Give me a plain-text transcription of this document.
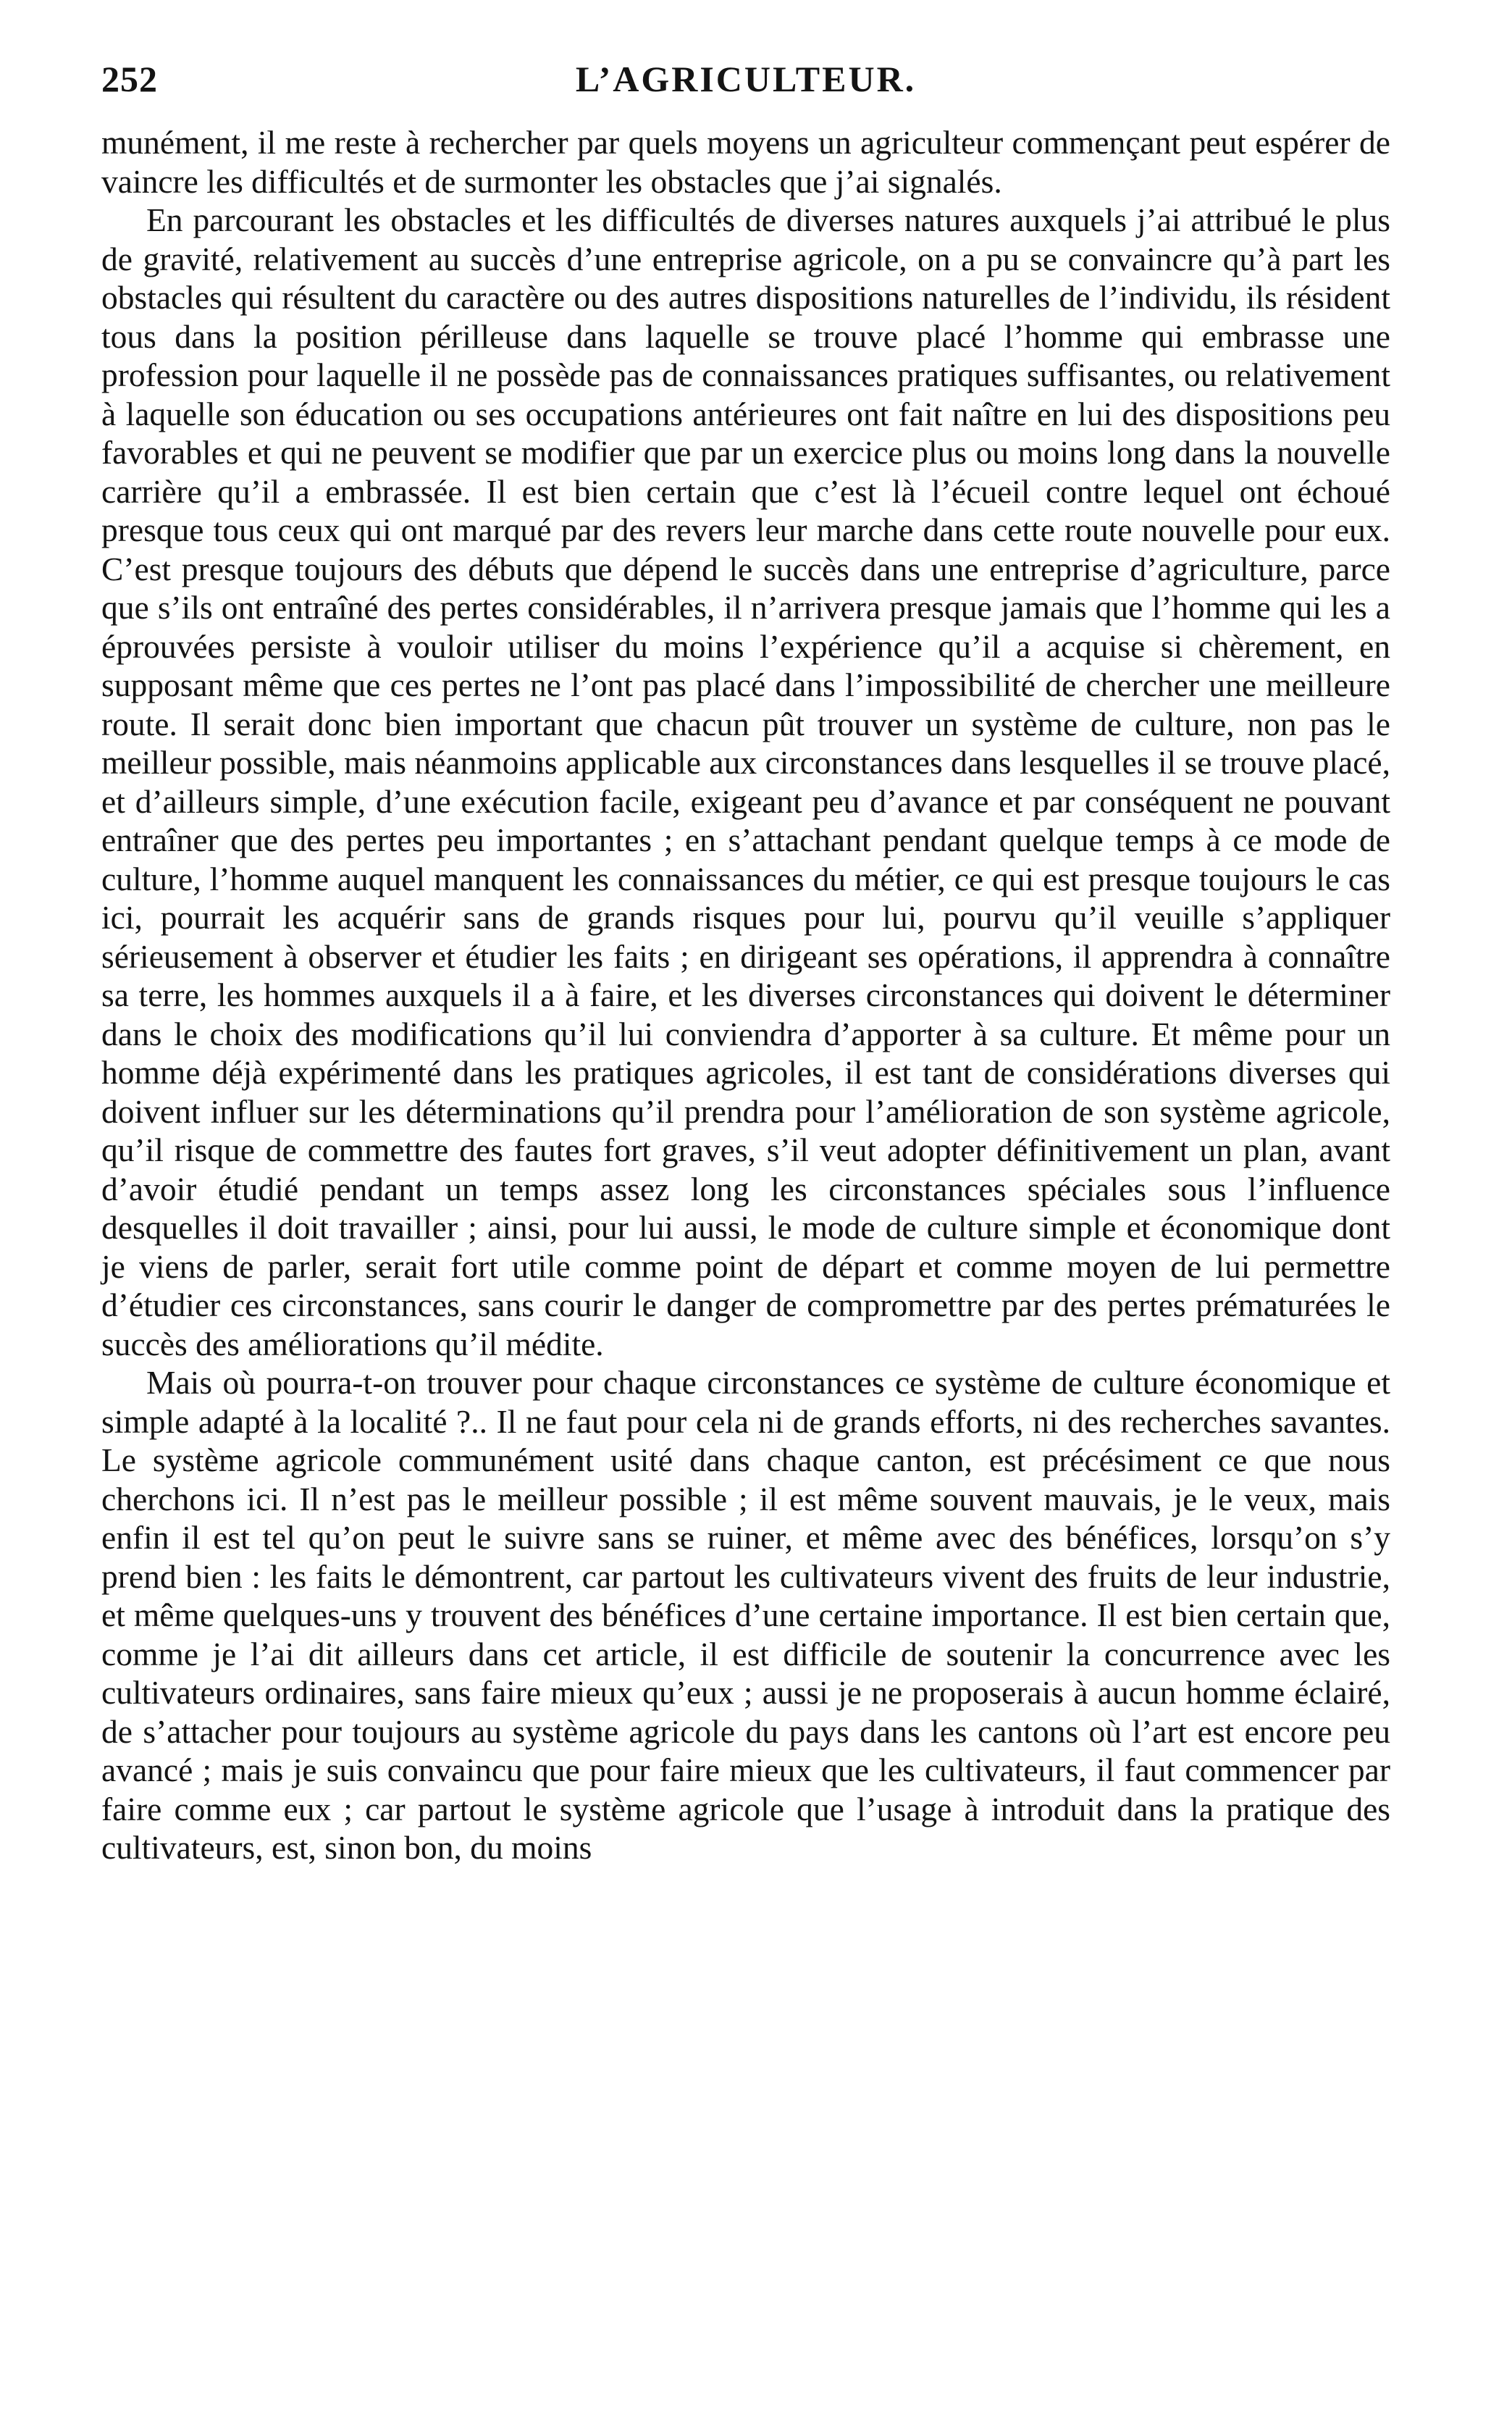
252	L’AGRICULTEUR.

munément, il me reste à rechercher par quels moyens un agriculteur commençant peut espérer de vaincre les difficultés et de surmonter les obstacles que j’ai signalés.

En parcourant les obstacles et les difficultés de diverses natures auxquels j’ai attribué le plus de gravité, relativement au succès d’une entreprise agricole, on a pu se convaincre qu’à part les obstacles qui résultent du caractère ou des autres dispositions naturelles de l’individu, ils résident tous dans la position périlleuse dans laquelle se trouve placé l’homme qui embrasse une profession pour laquelle il ne possède pas de connaissances pratiques suffisantes, ou relativement à laquelle son éducation ou ses occupations antérieures ont fait naître en lui des dispositions peu favorables et qui ne peuvent se modifier que par un exercice plus ou moins long dans la nouvelle carrière qu’il a embrassée. Il est bien certain que c’est là l’écueil contre lequel ont échoué presque tous ceux qui ont marqué par des revers leur marche dans cette route nouvelle pour eux. C’est presque toujours des débuts que dépend le succès dans une entreprise d’agriculture, parce que s’ils ont entraîné des pertes considérables, il n’arrivera presque jamais que l’homme qui les a éprouvées persiste à vouloir utiliser du moins l’expérience qu’il a acquise si chèrement, en supposant même que ces pertes ne l’ont pas placé dans l’impossibilité de chercher une meilleure route. Il serait donc bien important que chacun pût trouver un système de culture, non pas le meilleur possible, mais néanmoins applicable aux circonstances dans lesquelles il se trouve placé, et d’ailleurs simple, d’une exécution facile, exigeant peu d’avance et par conséquent ne pouvant entraîner que des pertes peu importantes ; en s’attachant pendant quelque temps à ce mode de culture, l’homme auquel manquent les connaissances du métier, ce qui est presque toujours le cas ici, pourrait les acquérir sans de grands risques pour lui, pourvu qu’il veuille s’appliquer sérieusement à observer et étudier les faits ; en dirigeant ses opérations, il apprendra à connaître sa terre, les hommes auxquels il a à faire, et les diverses circonstances qui doivent le déterminer dans le choix des modifications qu’il lui conviendra d’apporter à sa culture. Et même pour un homme déjà expérimenté dans les pratiques agricoles, il est tant de considérations diverses qui doivent influer sur les déterminations qu’il prendra pour l’amélioration de son système agricole, qu’il risque de commettre des fautes fort graves, s’il veut adopter définitivement un plan, avant d’avoir étudié pendant un temps assez long les circonstances spéciales sous l’influence desquelles il doit travailler ; ainsi, pour lui aussi, le mode de culture simple et économique dont je viens de parler, serait fort utile comme point de départ et comme moyen de lui permettre d’étudier ces circonstances, sans courir le danger de compromettre par des pertes prématurées le succès des améliorations qu’il médite.

Mais où pourra-t-on trouver pour chaque circonstances ce système de culture économique et simple adapté à la localité ?.. Il ne faut pour cela ni de grands efforts, ni des recherches savantes. Le système agricole communément usité dans chaque canton, est précésiment ce que nous cherchons ici. Il n’est pas le meilleur possible ; il est même souvent mauvais, je le veux, mais enfin il est tel qu’on peut le suivre sans se ruiner, et même avec des bénéfices, lorsqu’on s’y prend bien : les faits le démontrent, car partout les cultivateurs vivent des fruits de leur industrie, et même quelques-uns y trouvent des bénéfices d’une certaine importance. Il est bien certain que, comme je l’ai dit ailleurs dans cet article, il est difficile de soutenir la concurrence avec les cultivateurs ordinaires, sans faire mieux qu’eux ; aussi je ne proposerais à aucun homme éclairé, de s’attacher pour toujours au système agricole du pays dans les cantons où l’art est encore peu avancé ; mais je suis convaincu que pour faire mieux que les cultivateurs, il faut commencer par faire comme eux ; car partout le système agricole que l’usage à introduit dans la pratique des cultivateurs, est, sinon bon, du moins
